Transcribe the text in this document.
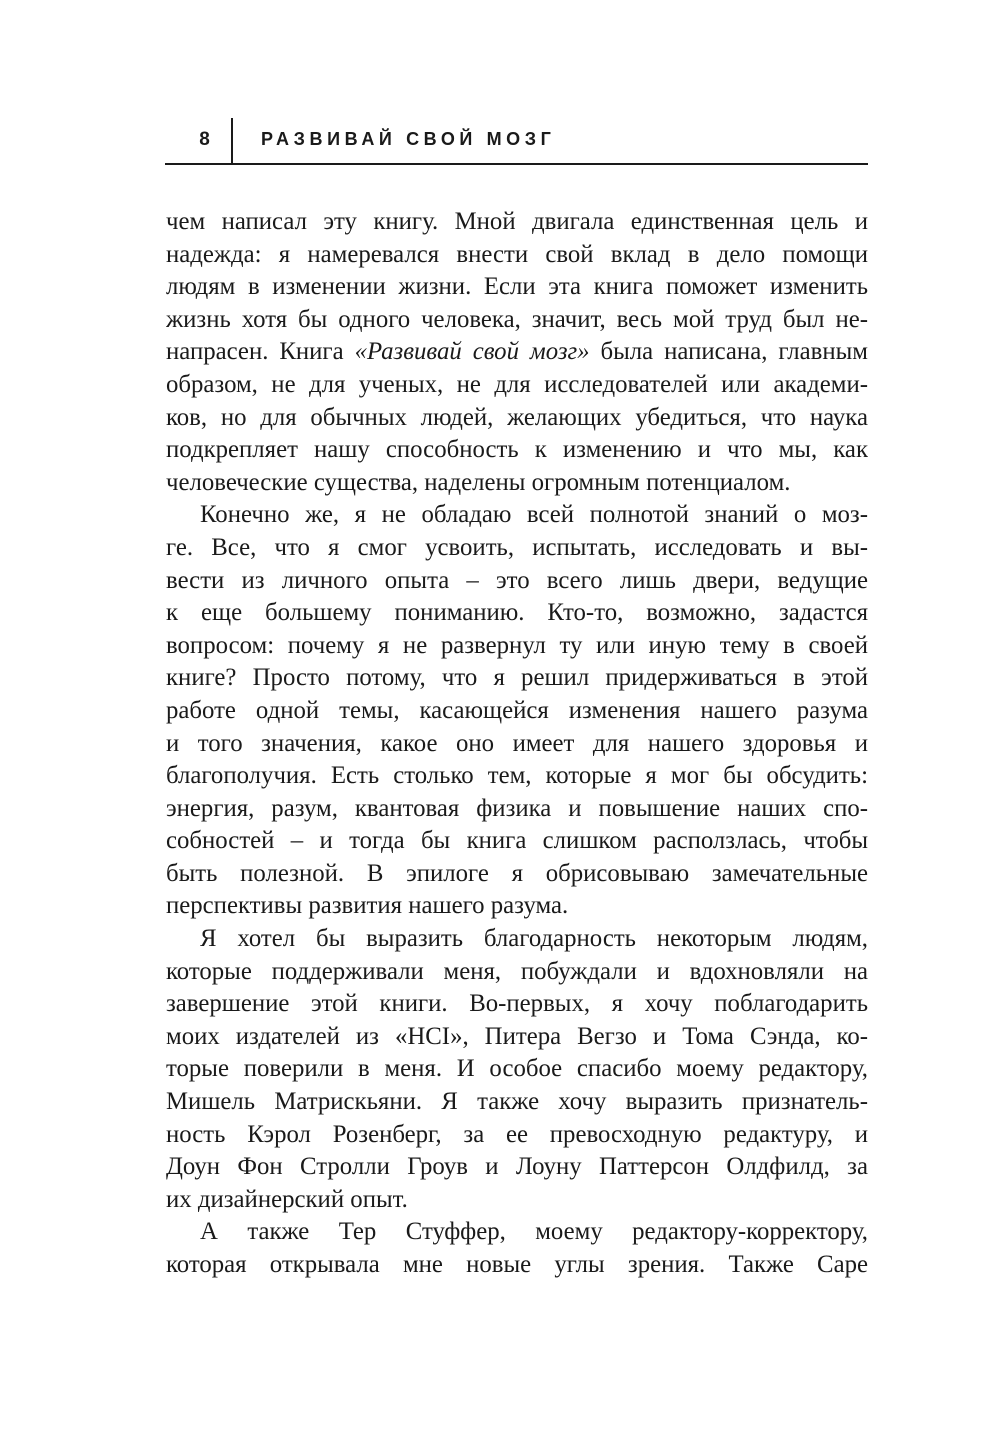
8	РАЗВИВАЙ СВОЙ МОЗГ
чем написал эту книгу. Мной двигала единственная цель и
надежда: я намеревался внести свой вклад в дело помощи
людям в изменении жизни. Если эта книга поможет изменить
жизнь хотя бы одного человека, значит, весь мой труд был не-
напрасен. Книга «Развивай свой мозг» была написана, главным
образом, не для ученых, не для исследователей или академи-
ков, но для обычных людей, желающих убедиться, что наука
подкрепляет нашу способность к изменению и что мы, как
человеческие существа, наделены огромным потенциалом.
Конечно же, я не обладаю всей полнотой знаний о моз-
ге. Все, что я смог усвоить, испытать, исследовать и вы-
вести из личного опыта – это всего лишь двери, ведущие
к еще большему пониманию. Кто-то, возможно, задастся
вопросом: почему я не развернул ту или иную тему в своей
книге? Просто потому, что я решил придерживаться в этой
работе одной темы, касающейся изменения нашего разума
и того значения, какое оно имеет для нашего здоровья и
благополучия. Есть столько тем, которые я мог бы обсудить:
энергия, разум, квантовая физика и повышение наших спо-
собностей – и тогда бы книга слишком расползлась, чтобы
быть полезной. В эпилоге я обрисовываю замечательные
перспективы развития нашего разума.
Я хотел бы выразить благодарность некоторым людям,
которые поддерживали меня, побуждали и вдохновляли на
завершение этой книги. Во-первых, я хочу поблагодарить
моих издателей из «HCI», Питера Вегзо и Тома Сэнда, ко-
торые поверили в меня. И особое спасибо моему редактору,
Мишель Матрискьяни. Я также хочу выразить признатель-
ность Кэрол Розенберг, за ее превосходную редактуру, и
Доун Фон Стролли Гроув и Лоуну Паттерсон Олдфилд, за
их дизайнерский опыт.
А также Тер Стуффер, моему редактору-корректору,
которая открывала мне новые углы зрения. Также Саре
